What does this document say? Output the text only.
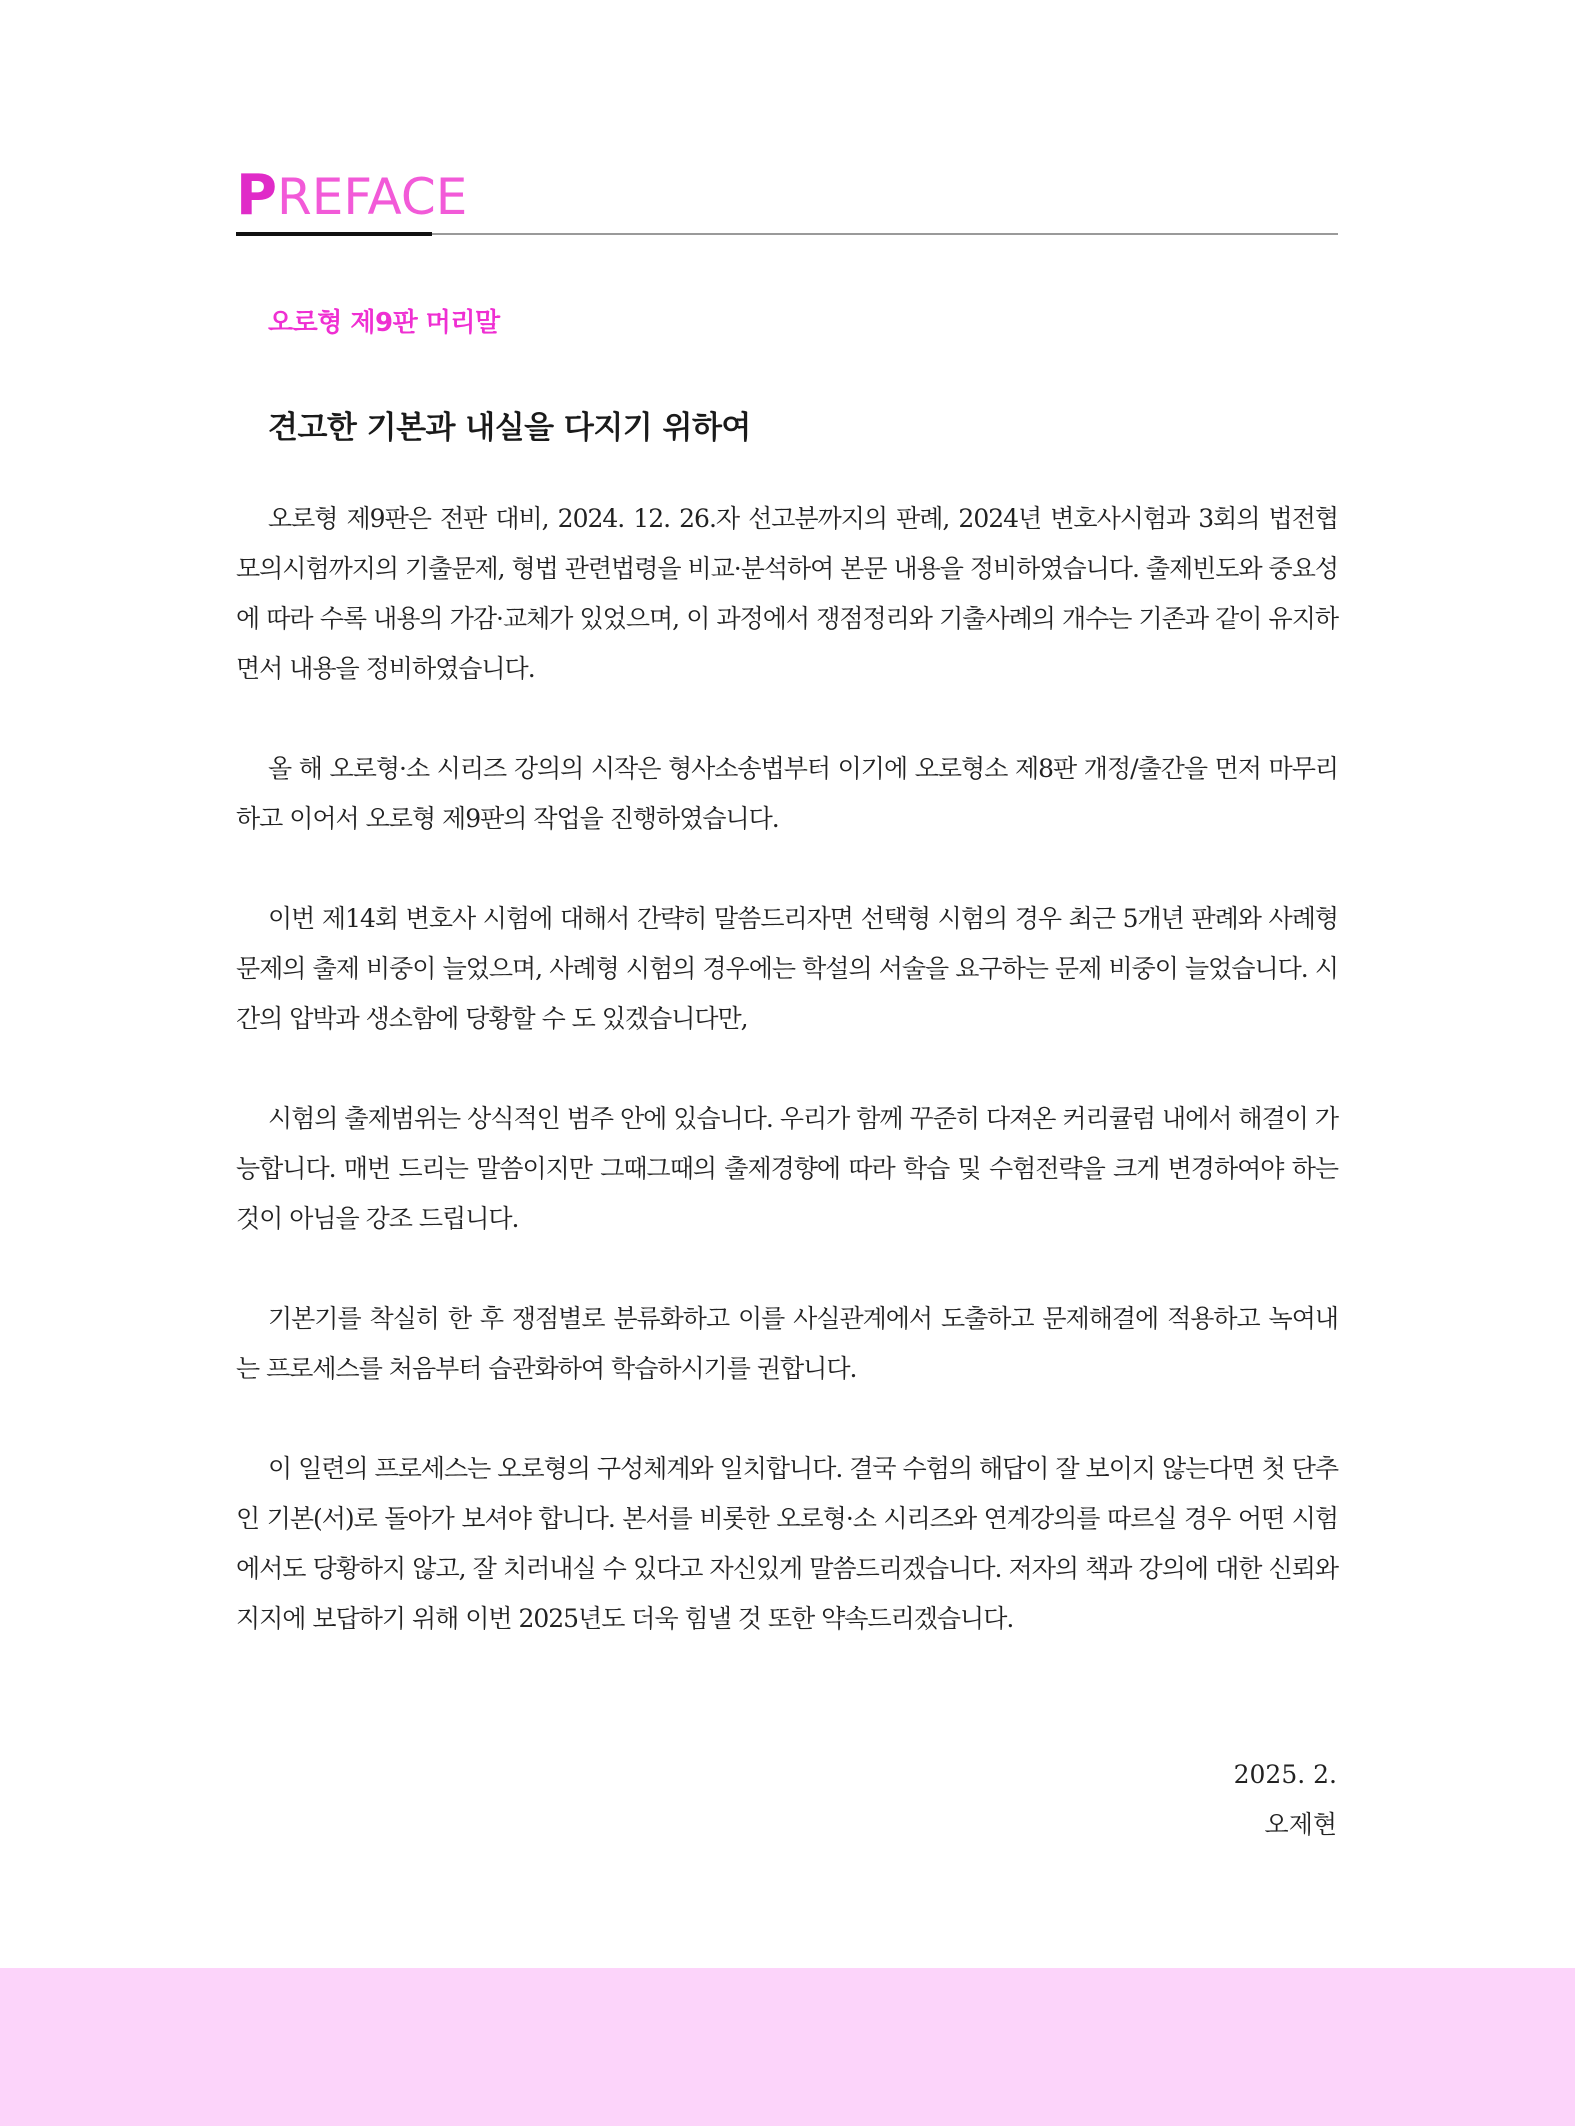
PREFACE

오로형 제9판 머리말

견고한 기본과 내실을 다지기 위하여

오로형 제9판은 전판 대비, 2024. 12. 26.자 선고분까지의 판례, 2024년 변호사시험과 3회의 법전협 모의시험까지의 기출문제, 형법 관련법령을 비교·분석하여 본문 내용을 정비하였습니다. 출제빈도와 중요성에 따라 수록 내용의 가감·교체가 있었으며, 이 과정에서 쟁점정리와 기출사례의 개수는 기존과 같이 유지하면서 내용을 정비하였습니다.

올 해 오로형·소 시리즈 강의의 시작은 형사소송법부터 이기에 오로형소 제8판 개정/출간을 먼저 마무리 하고 이어서 오로형 제9판의 작업을 진행하였습니다.

이번 제14회 변호사 시험에 대해서 간략히 말씀드리자면 선택형 시험의 경우 최근 5개년 판례와 사례형 문제의 출제 비중이 늘었으며, 사례형 시험의 경우에는 학설의 서술을 요구하는 문제 비중이 늘었습니다. 시간의 압박과 생소함에 당황할 수 도 있겠습니다만,

시험의 출제범위는 상식적인 범주 안에 있습니다. 우리가 함께 꾸준히 다져온 커리큘럼 내에서 해결이 가능합니다. 매번 드리는 말씀이지만 그때그때의 출제경향에 따라 학습 및 수험전략을 크게 변경하여야 하는 것이 아님을 강조 드립니다.

기본기를 착실히 한 후 쟁점별로 분류화하고 이를 사실관계에서 도출하고 문제해결에 적용하고 녹여내는 프로세스를 처음부터 습관화하여 학습하시기를 권합니다.

이 일련의 프로세스는 오로형의 구성체계와 일치합니다. 결국 수험의 해답이 잘 보이지 않는다면 첫 단추인 기본(서)로 돌아가 보셔야 합니다. 본서를 비롯한 오로형·소 시리즈와 연계강의를 따르실 경우 어떤 시험에서도 당황하지 않고, 잘 치러내실 수 있다고 자신있게 말씀드리겠습니다. 저자의 책과 강의에 대한 신뢰와 지지에 보답하기 위해 이번 2025년도 더욱 힘낼 것 또한 약속드리겠습니다.

2025. 2.
오제현
